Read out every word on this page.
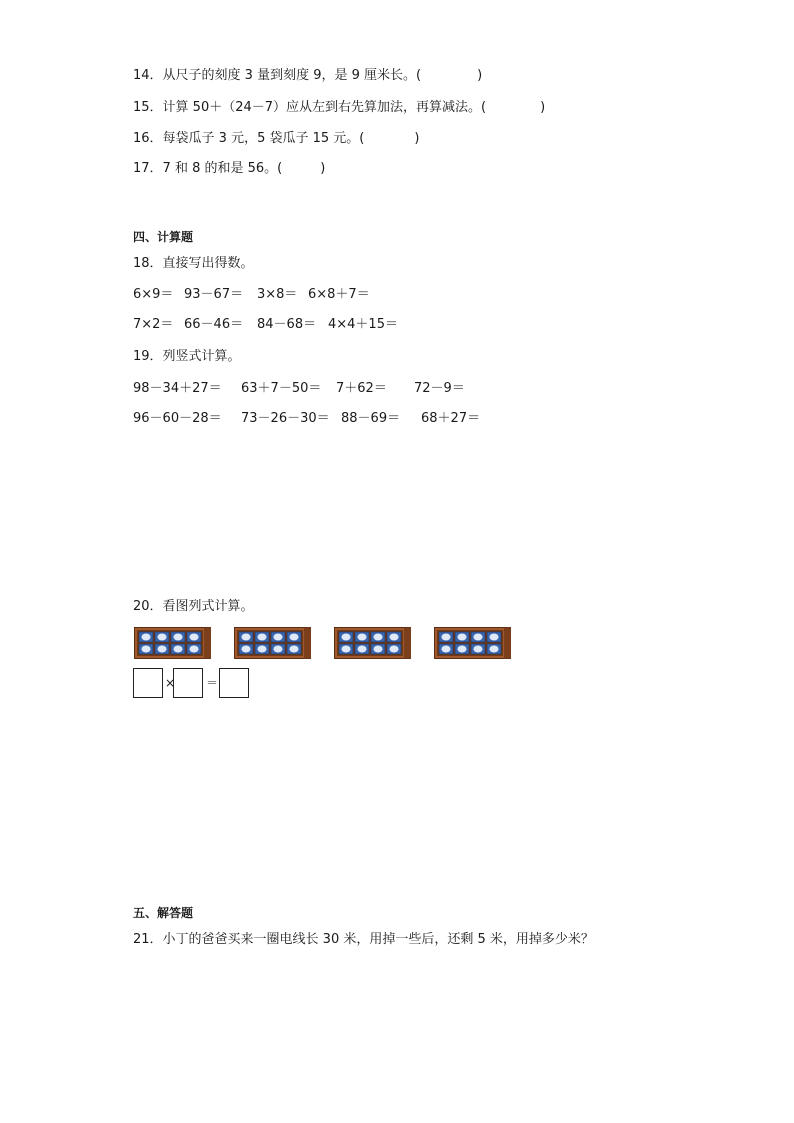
14．从尺子的刻度 3 量到刻度 9，是 9 厘米长。(	)
15．计算 50＋（24－7）应从左到右先算加法，再算减法。(	)
16．每袋瓜子 3 元，5 袋瓜子 15 元。(	)
17．7 和 8 的和是 56。(	)
四、计算题
18．直接写出得数。
6×9＝ 93－67＝ 3×8＝ 6×8＋7＝
7×2＝ 66－46＝ 84－68＝ 4×4＋15＝
19．列竖式计算。
98－34＋27＝ 63＋7－50＝ 7＋62＝ 72－9＝
96－60－28＝ 73－26－30＝ 88－69＝ 68＋27＝
20．看图列式计算。
×	＝
五、解答题
21．小丁的爸爸买来一圈电线长 30 米，用掉一些后，还剩 5 米，用掉多少米？
